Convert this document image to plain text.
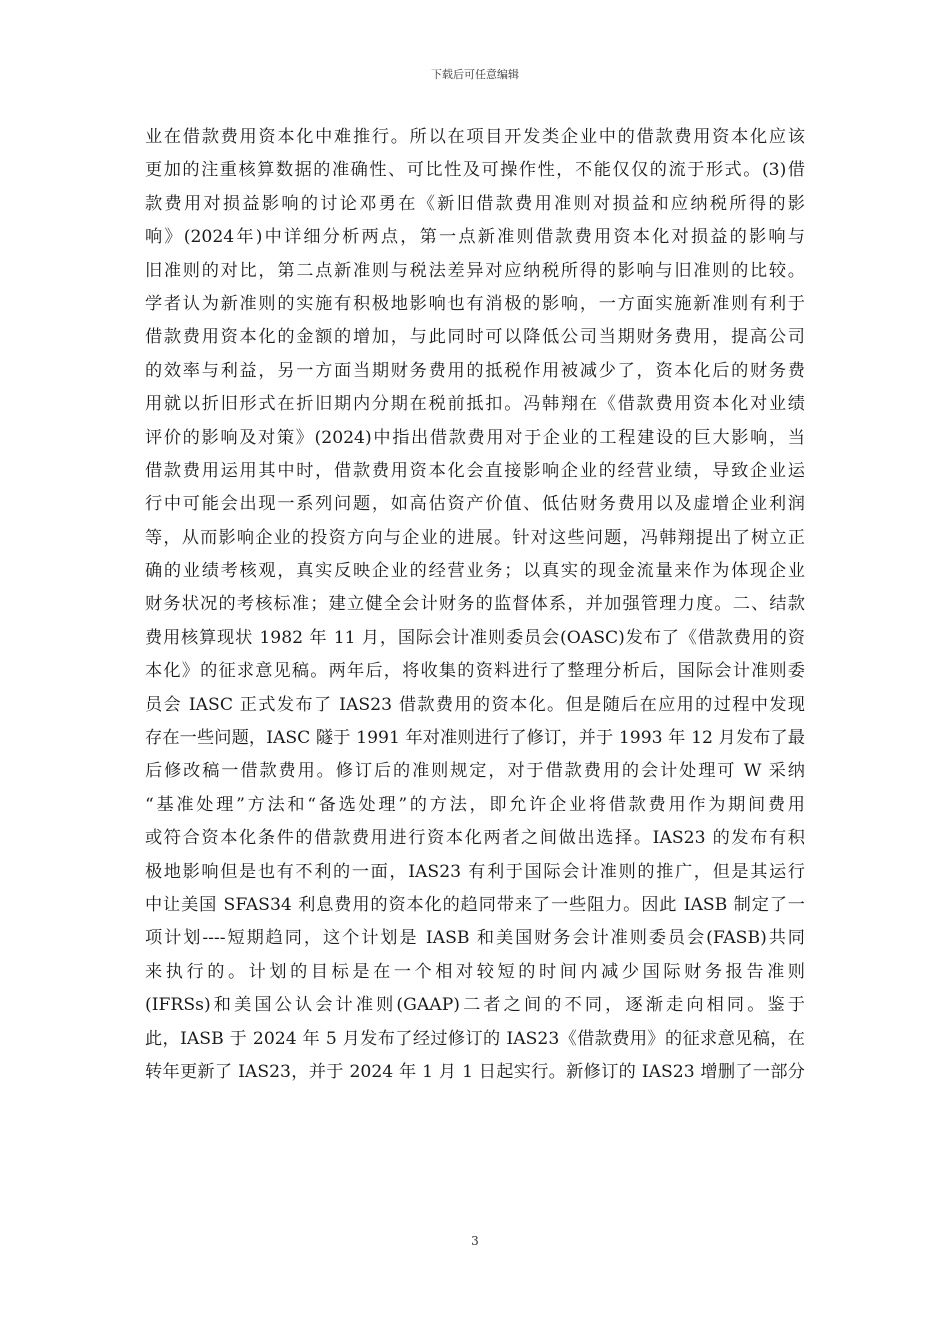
下载后可任意编辑
业在借款费用资本化中难推行。所以在项目开发类企业中的借款费用资本化应该
更加的注重核算数据的准确性、可比性及可操作性，不能仅仅的流于形式。(3)借
款费用对损益影响的讨论邓勇在《新旧借款费用准则对损益和应纳税所得的影
响》(2024年)中详细分析两点，第一点新准则借款费用资本化对损益的影响与
旧准则的对比，第二点新准则与税法差异对应纳税所得的影响与旧准则的比较。
学者认为新准则的实施有积极地影响也有消极的影响，一方面实施新准则有利于
借款费用资本化的金额的增加，与此同时可以降低公司当期财务费用，提高公司
的效率与利益，另一方面当期财务费用的抵税作用被减少了，资本化后的财务费
用就以折旧形式在折旧期内分期在税前抵扣。冯韩翔在《借款费用资本化对业绩
评价的影响及对策》(2024)中指出借款费用对于企业的工程建设的巨大影响，当
借款费用运用其中时，借款费用资本化会直接影响企业的经营业绩，导致企业运
行中可能会出现一系列问题，如高估资产价值、低估财务费用以及虚增企业利润
等，从而影响企业的投资方向与企业的进展。针对这些问题，冯韩翔提出了树立正
确的业绩考核观，真实反映企业的经营业务；以真实的现金流量来作为体现企业
财务状况的考核标准；建立健全会计财务的监督体系，并加强管理力度。二、结款
费用核算现状 1982 年 11 月，国际会计准则委员会(OASC)发布了《借款费用的资
本化》的征求意见稿。两年后，将收集的资料进行了整理分析后，国际会计准则委
员会 IASC 正式发布了 IAS23 借款费用的资本化。但是随后在应用的过程中发现
存在一些问题，IASC 隧于 1991 年对准则进行了修订，并于 1993 年 12 月发布了最
后修改稿一借款费用。修订后的准则规定，对于借款费用的会计处理可 W 采纳
“基准处理”方法和“备选处理”的方法，即允许企业将借款费用作为期间费用
或符合资本化条件的借款费用进行资本化两者之间做出选择。IAS23 的发布有积
极地影响但是也有不利的一面，IAS23 有利于国际会计准则的推广，但是其运行
中让美国 SFAS34 利息费用的资本化的趋同带来了一些阻力。因此 IASB 制定了一
项计划----短期趋同，这个计划是 IASB 和美国财务会计准则委员会(FASB)共同
来执行的。计划的目标是在一个相对较短的时间内减少国际财务报告准则
(IFRSs)和美国公认会计准则(GAAP)二者之间的不同，逐渐走向相同。鉴于
此，IASB 于 2024 年 5 月发布了经过修订的 IAS23《借款费用》的征求意见稿，在
转年更新了 IAS23，并于 2024 年 1 月 1 日起实行。新修订的 IAS23 增删了一部分
3
